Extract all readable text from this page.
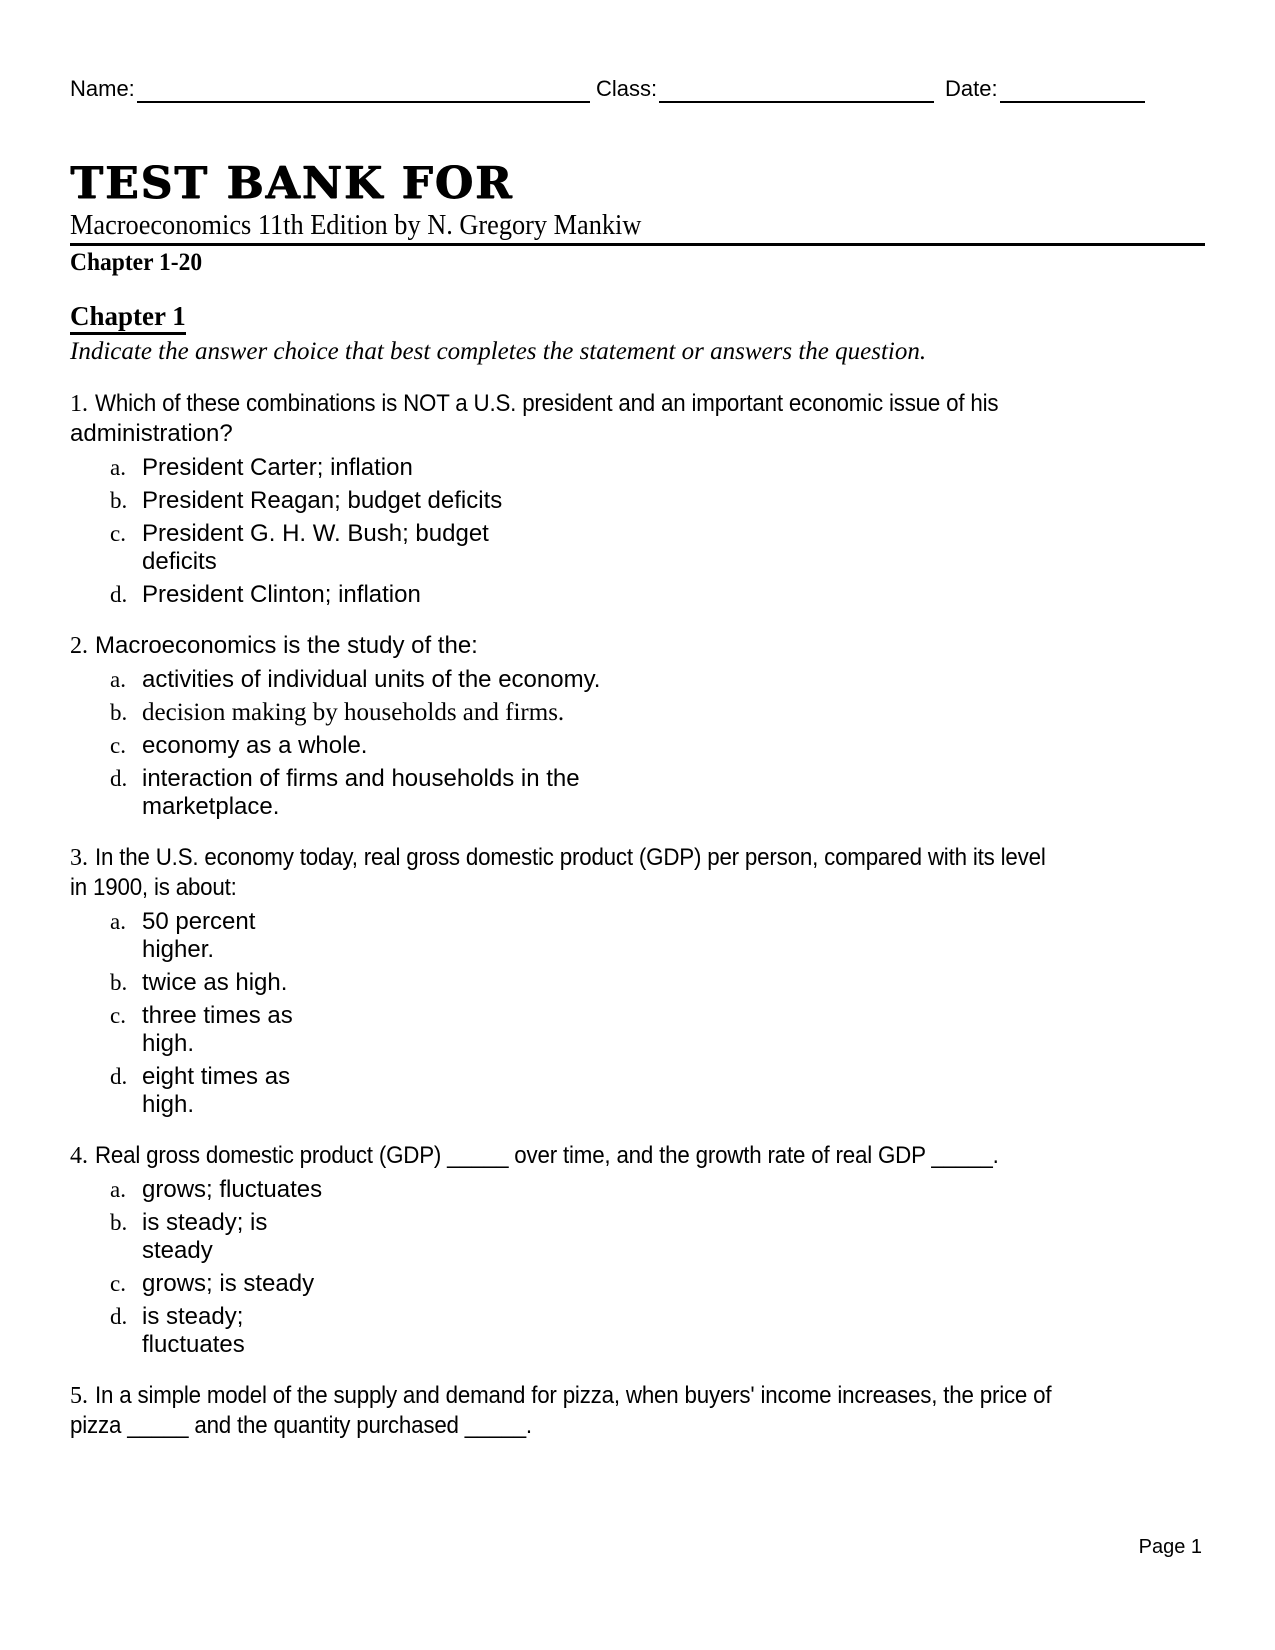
Name:	Class:	Date:
TEST BANK FOR
Macroeconomics 11th Edition by N. Gregory Mankiw
Chapter 1-20
Chapter 1
Indicate the answer choice that best completes the statement or answers the question.

1. Which of these combinations is NOT a U.S. president and an important economic issue of his
administration?

a. President Carter; inflation
b. President Reagan; budget deficits
c. President G. H. W. Bush; budget
deficits
d. President Clinton; inflation

2. Macroeconomics is the study of the:

a. activities of individual units of the economy.
b. decision making by households and firms.
c. economy as a whole.
d. interaction of firms and households in the
marketplace.

3. In the U.S. economy today, real gross domestic product (GDP) per person, compared with its level
in 1900, is about:

a. 50 percent
higher.
b. twice as high.
c. three times as
high.
d. eight times as
high.

4. Real gross domestic product (GDP) _____ over time, and the growth rate of real GDP _____.

a. grows; fluctuates
b. is steady; is
steady
c. grows; is steady
d. is steady;
fluctuates

5. In a simple model of the supply and demand for pizza, when buyers' income increases, the price of
pizza _____ and the quantity purchased _____.

Page 1
